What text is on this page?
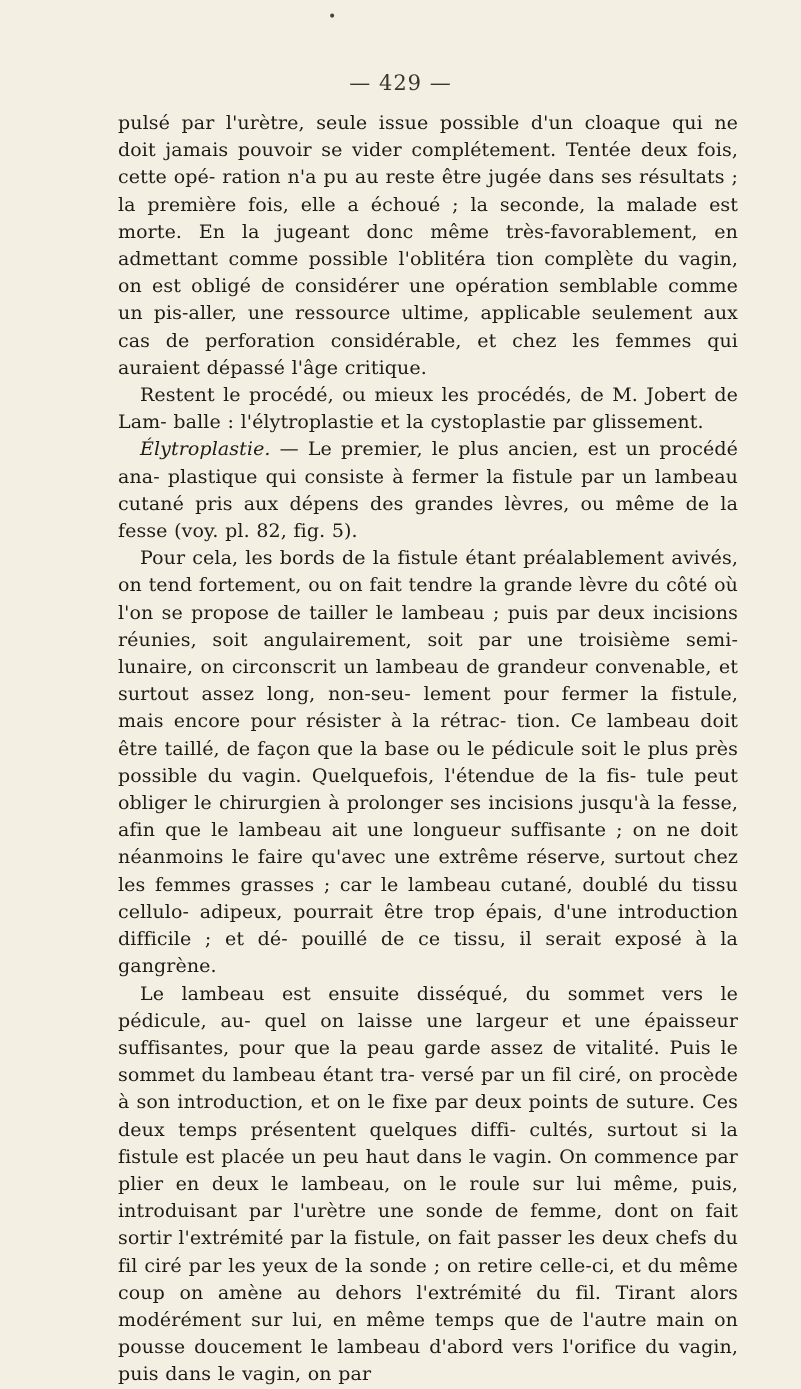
•
— 429 —

pulsé par l'urètre, seule issue possible d'un cloaque qui ne doit jamais pouvoir se vider complétement. Tentée deux fois, cette opé- ration n'a pu au reste être jugée dans ses résultats ; la première fois, elle a échoué ; la seconde, la malade est morte. En la jugeant donc même très-favorablement, en admettant comme possible l'oblitéra tion complète du vagin, on est obligé de considérer une opération semblable comme un pis-aller, une ressource ultime, applicable seulement aux cas de perforation considérable, et chez les femmes qui auraient dépassé l'âge critique.

Restent le procédé, ou mieux les procédés, de M. Jobert de Lam- balle : l'élytroplastie et la cystoplastie par glissement.

Élytroplastie. — Le premier, le plus ancien, est un procédé ana- plastique qui consiste à fermer la fistule par un lambeau cutané pris aux dépens des grandes lèvres, ou même de la fesse (voy. pl. 82, fig. 5).

Pour cela, les bords de la fistule étant préalablement avivés, on tend fortement, ou on fait tendre la grande lèvre du côté où l'on se propose de tailler le lambeau ; puis par deux incisions réunies, soit angulairement, soit par une troisième semi-lunaire, on circonscrit un lambeau de grandeur convenable, et surtout assez long, non-seu- lement pour fermer la fistule, mais encore pour résister à la rétrac- tion. Ce lambeau doit être taillé, de façon que la base ou le pédicule soit le plus près possible du vagin. Quelquefois, l'étendue de la fis- tule peut obliger le chirurgien à prolonger ses incisions jusqu'à la fesse, afin que le lambeau ait une longueur suffisante ; on ne doit néanmoins le faire qu'avec une extrême réserve, surtout chez les femmes grasses ; car le lambeau cutané, doublé du tissu cellulo- adipeux, pourrait être trop épais, d'une introduction difficile ; et dé- pouillé de ce tissu, il serait exposé à la gangrène.

Le lambeau est ensuite disséqué, du sommet vers le pédicule, au- quel on laisse une largeur et une épaisseur suffisantes, pour que la peau garde assez de vitalité. Puis le sommet du lambeau étant tra- versé par un fil ciré, on procède à son introduction, et on le fixe par deux points de suture. Ces deux temps présentent quelques diffi- cultés, surtout si la fistule est placée un peu haut dans le vagin. On commence par plier en deux le lambeau, on le roule sur lui même, puis, introduisant par l'urètre une sonde de femme, dont on fait sortir l'extrémité par la fistule, on fait passer les deux chefs du fil ciré par les yeux de la sonde ; on retire celle-ci, et du même coup on amène au dehors l'extrémité du fil. Tirant alors modérément sur lui, en même temps que de l'autre main on pousse doucement le lambeau d'abord vers l'orifice du vagin, puis dans le vagin, on par
